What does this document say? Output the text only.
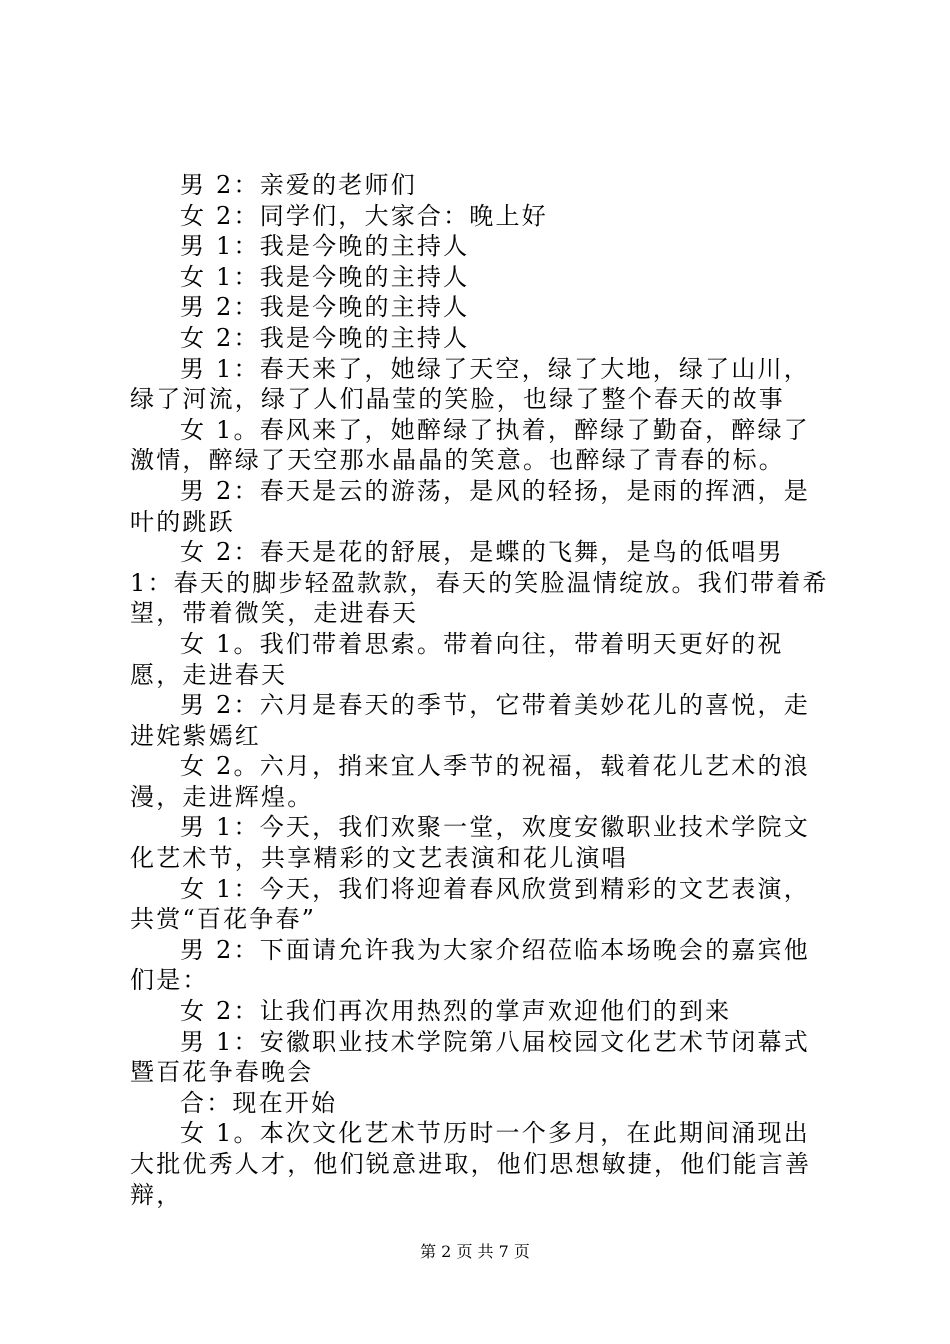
男 2：亲爱的老师们

女 2：同学们，大家合：晚上好

男 1：我是今晚的主持人

女 1：我是今晚的主持人

男 2：我是今晚的主持人

女 2：我是今晚的主持人

男 1：春天来了，她绿了天空，绿了大地，绿了山川，绿了河流，绿了人们晶莹的笑脸，也绿了整个春天的故事

女 1。春风来了，她醉绿了执着，醉绿了勤奋，醉绿了激情，醉绿了天空那水晶晶的笑意。也醉绿了青春的标。

男 2：春天是云的游荡，是风的轻扬，是雨的挥洒，是叶的跳跃

女 2：春天是花的舒展，是蝶的飞舞，是鸟的低唱男 1：春天的脚步轻盈款款，春天的笑脸温情绽放。我们带着希望，带着微笑，走进春天

女 1。我们带着思索。带着向往，带着明天更好的祝愿，走进春天

男 2：六月是春天的季节，它带着美妙花儿的喜悦，走进姹紫嫣红

女 2。六月，捎来宜人季节的祝福，载着花儿艺术的浪漫，走进辉煌。

男 1：今天，我们欢聚一堂，欢度安徽职业技术学院文化艺术节，共享精彩的文艺表演和花儿演唱

女 1：今天，我们将迎着春风欣赏到精彩的文艺表演，共赏“百花争春”

男 2：下面请允许我为大家介绍莅临本场晚会的嘉宾他们是：

女 2：让我们再次用热烈的掌声欢迎他们的到来

男 1：安徽职业技术学院第八届校园文化艺术节闭幕式暨百花争春晚会

合：现在开始

女 1。本次文化艺术节历时一个多月，在此期间涌现出大批优秀人才，他们锐意进取，他们思想敏捷，他们能言善辩，

第 2 页 共 7 页
